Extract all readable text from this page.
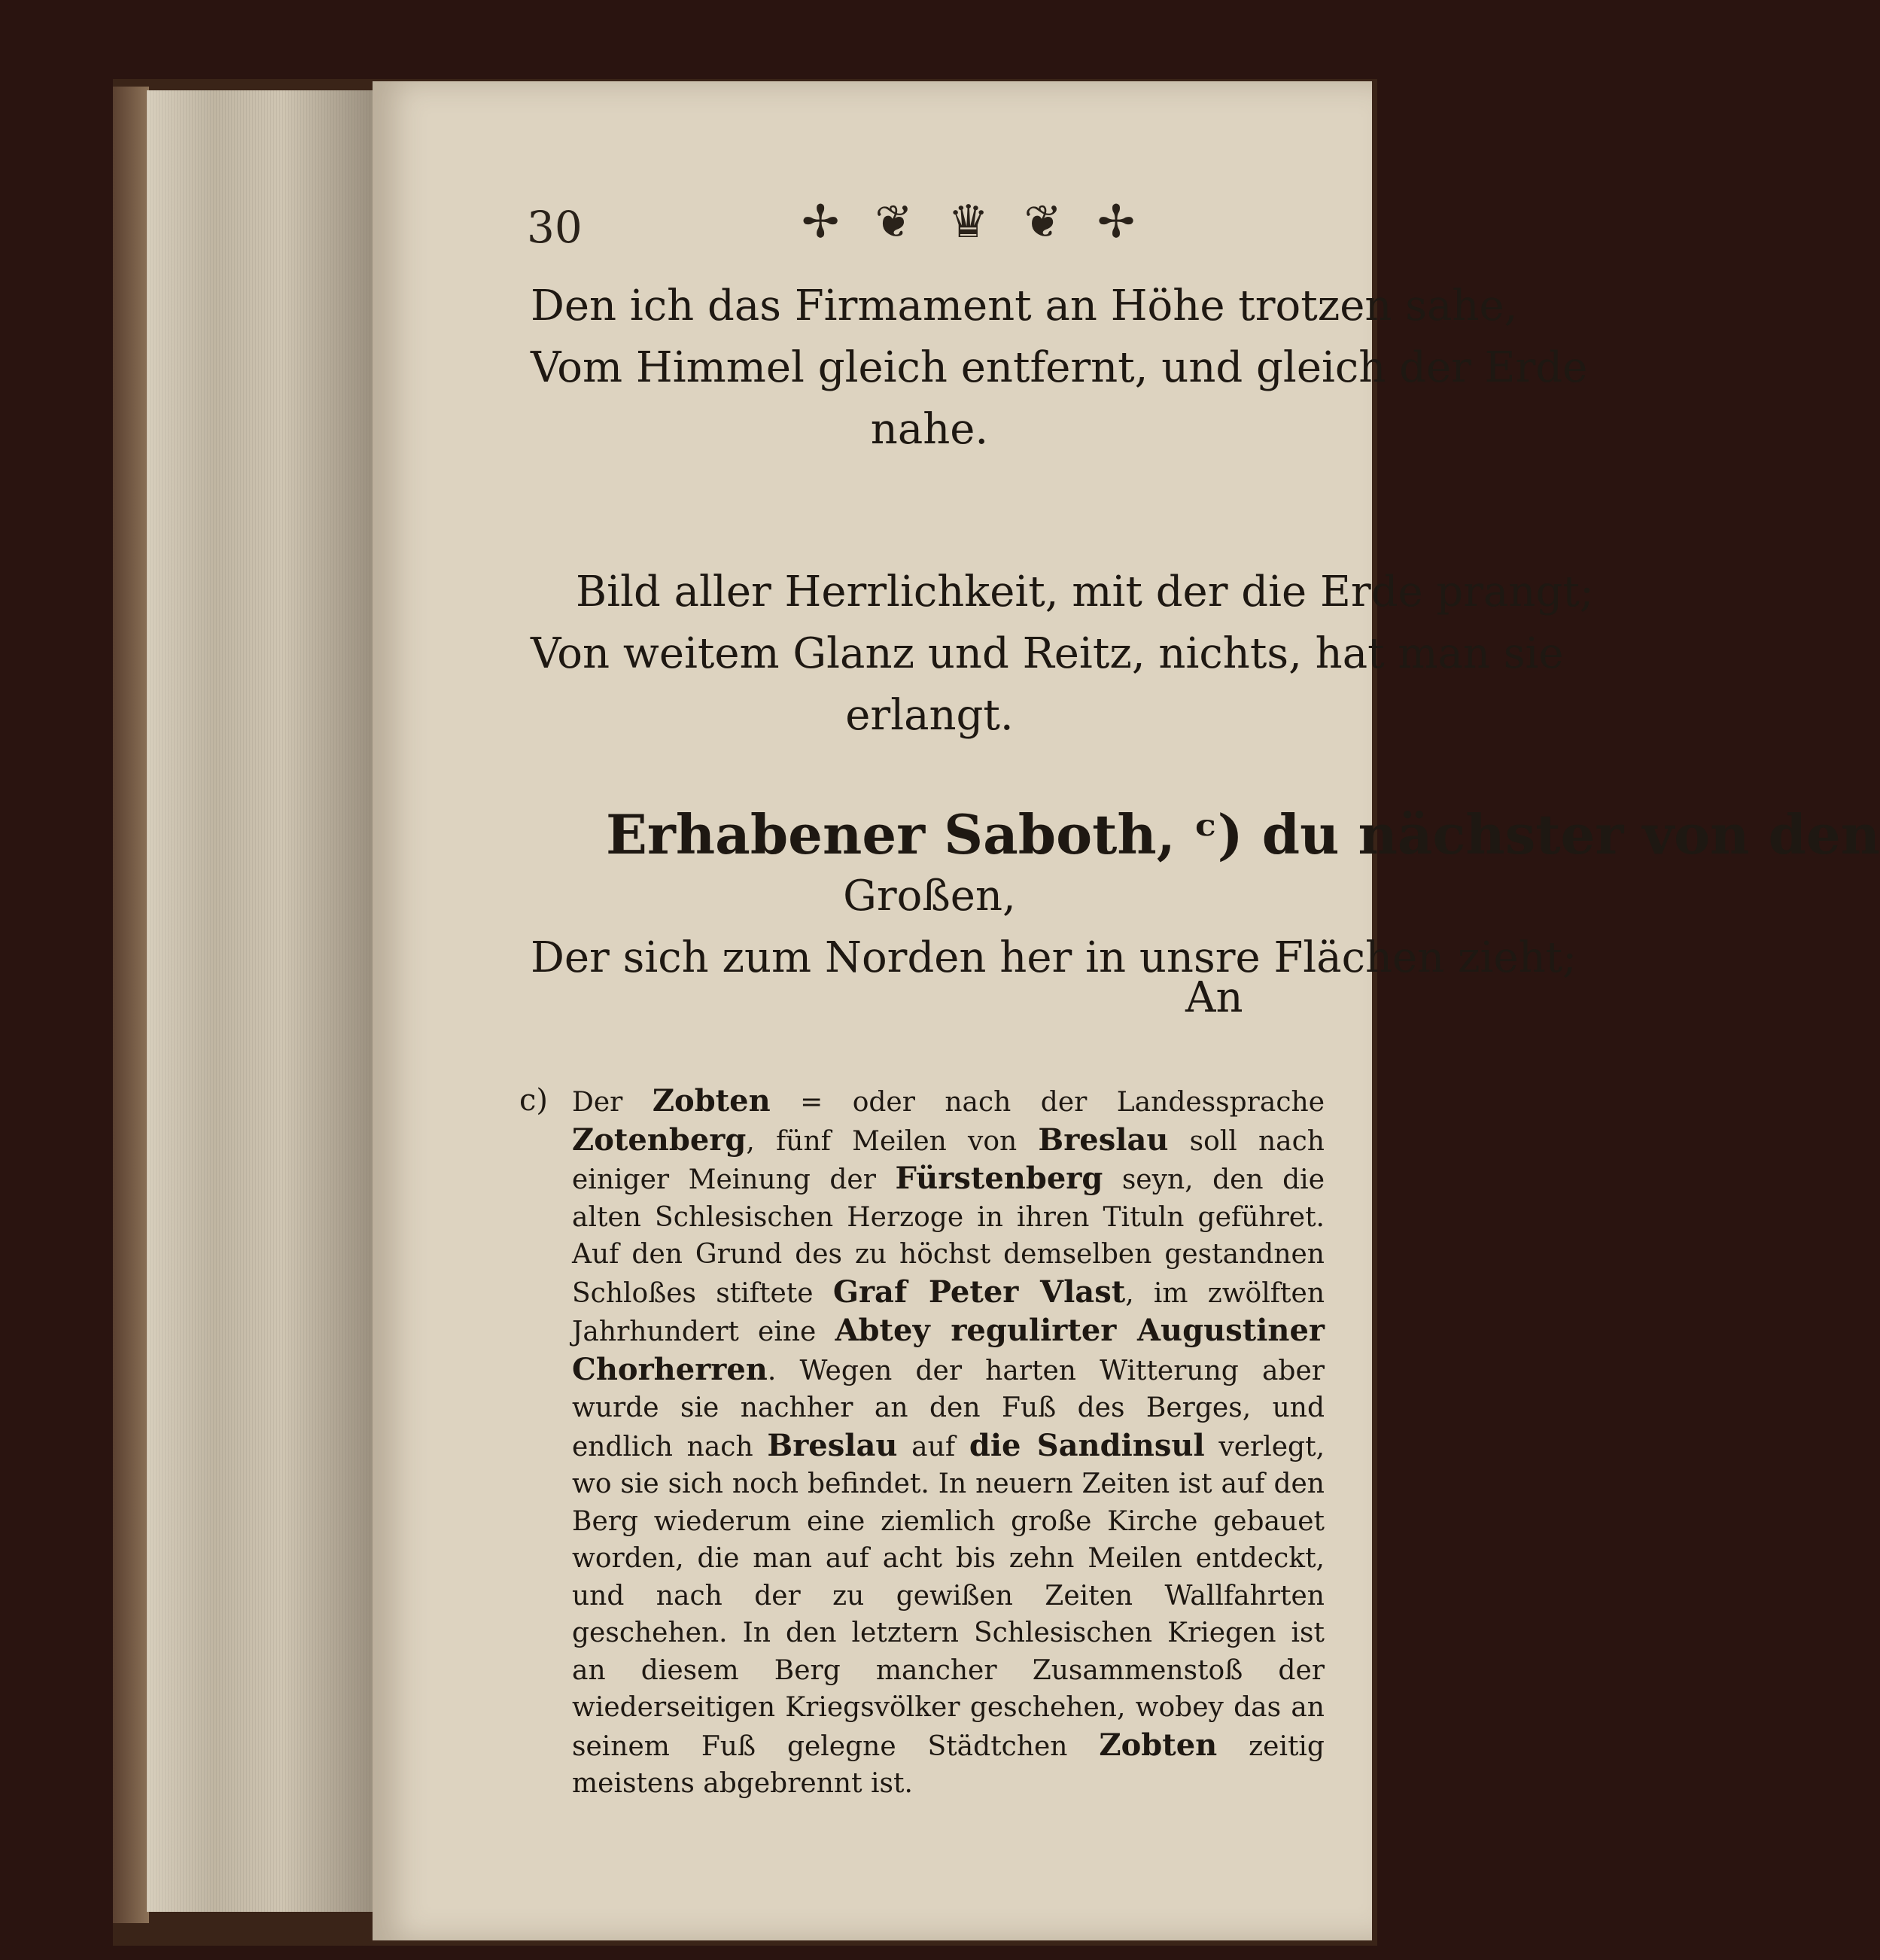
30	✢ ❦ ♛ ❦ ✢
Den ich das Firmament an Höhe trotzen sahe,
Vom Himmel gleich entfernt, und gleich der Erde
nahe.
Bild aller Herrlichkeit, mit der die Erde prangt;
Von weitem Glanz und Reitz, nichts, hat man sie
erlangt.
Erhabener Saboth, ᶜ) du nächster von den
Großen,
Der sich zum Norden her in unsre Flächen zieht;
An
c) Der Zobten = oder nach der Landessprache Zotenberg, fünf Meilen von Breslau soll nach einiger Meinung der Fürstenberg seyn, den die alten Schlesischen Herzoge in ihren Tituln geführet. Auf den Grund des zu höchst demselben gestandnen Schloßes stiftete Graf Peter Vlast, im zwölften Jahrhundert eine Abtey regulirter Augustiner Chorherren. Wegen der harten Witterung aber wurde sie nachher an den Fuß des Berges, und endlich nach Breslau auf die Sandinsul verlegt, wo sie sich noch befindet. In neuern Zeiten ist auf den Berg wiederum eine ziemlich große Kirche gebauet worden, die man auf acht bis zehn Meilen entdeckt, und nach der zu gewißen Zeiten Wallfahrten geschehen. In den letztern Schlesischen Kriegen ist an diesem Berg mancher Zusammenstoß der wiederseitigen Kriegsvölker geschehen, wobey das an seinem Fuß gelegne Städtchen Zobten zeitig meistens abgebrennt ist.
